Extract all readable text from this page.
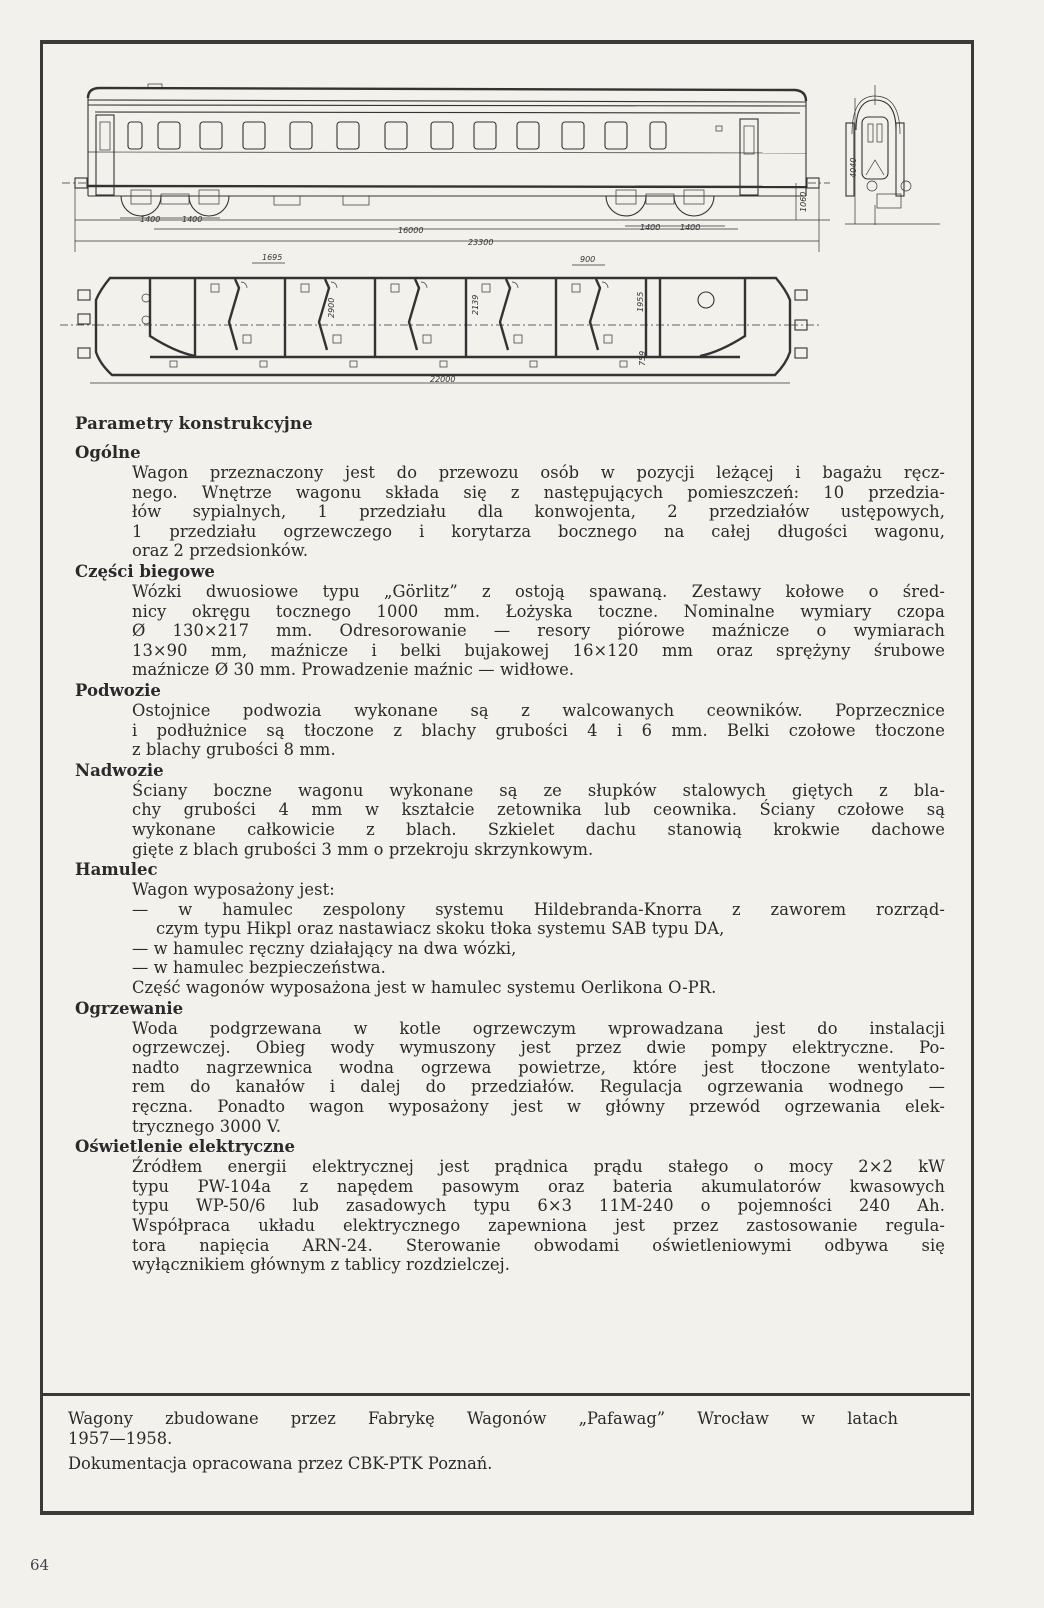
1400	1400
1400 1400
16000
23300
1060
4040
1695	900
2900	2139	1955
759
22000
Parametry konstrukcyjne
Ogólne
Wagon przeznaczony jest do przewozu osób w pozycji leżącej i bagażu ręcz-
nego. Wnętrze wagonu składa się z następujących pomieszczeń: 10 przedzia-
łów sypialnych, 1 przedziału dla konwojenta, 2 przedziałów ustępowych,
1 przedziału ogrzewczego i korytarza bocznego na całej długości wagonu,
oraz 2 przedsionków.
Części biegowe
Wózki dwuosiowe typu „Görlitz” z ostoją spawaną. Zestawy kołowe o śred-
nicy okręgu tocznego 1000 mm. Łożyska toczne. Nominalne wymiary czopa
Ø 130×217 mm. Odresorowanie — resory piórowe maźnicze o wymiarach
13×90 mm, maźnicze i belki bujakowej 16×120 mm oraz sprężyny śrubowe
maźnicze Ø 30 mm. Prowadzenie maźnic — widłowe.
Podwozie
Ostojnice podwozia wykonane są z walcowanych ceowników. Poprzecznice
i podłużnice są tłoczone z blachy grubości 4 i 6 mm. Belki czołowe tłoczone
z blachy grubości 8 mm.
Nadwozie
Ściany boczne wagonu wykonane są ze słupków stalowych giętych z bla-
chy grubości 4 mm w kształcie zetownika lub ceownika. Ściany czołowe są
wykonane całkowicie z blach. Szkielet dachu stanowią krokwie dachowe
gięte z blach grubości 3 mm o przekroju skrzynkowym.
Hamulec
Wagon wyposażony jest:
— w hamulec zespolony systemu Hildebranda-Knorra z zaworem rozrząd-
czym typu Hikpl oraz nastawiacz skoku tłoka systemu SAB typu DA,
— w hamulec ręczny działający na dwa wózki,
— w hamulec bezpieczeństwa.
Część wagonów wyposażona jest w hamulec systemu Oerlikona O-PR.
Ogrzewanie
Woda podgrzewana w kotle ogrzewczym wprowadzana jest do instalacji
ogrzewczej. Obieg wody wymuszony jest przez dwie pompy elektryczne. Po-
nadto nagrzewnica wodna ogrzewa powietrze, które jest tłoczone wentylato-
rem do kanałów i dalej do przedziałów. Regulacja ogrzewania wodnego —
ręczna. Ponadto wagon wyposażony jest w główny przewód ogrzewania elek-
trycznego 3000 V.
Oświetlenie elektryczne
Źródłem energii elektrycznej jest prądnica prądu stałego o mocy 2×2 kW
typu PW-104a z napędem pasowym oraz bateria akumulatorów kwasowych
typu WP-50/6 lub zasadowych typu 6×3 11M-240 o pojemności 240 Ah.
Współpraca układu elektrycznego zapewniona jest przez zastosowanie regula-
tora napięcia ARN-24. Sterowanie obwodami oświetleniowymi odbywa się
wyłącznikiem głównym z tablicy rozdzielczej.

Wagony zbudowane przez Fabrykę Wagonów „Pafawag” Wrocław w latach
1957—1958.

Dokumentacja opracowana przez CBK-PTK Poznań.

64
